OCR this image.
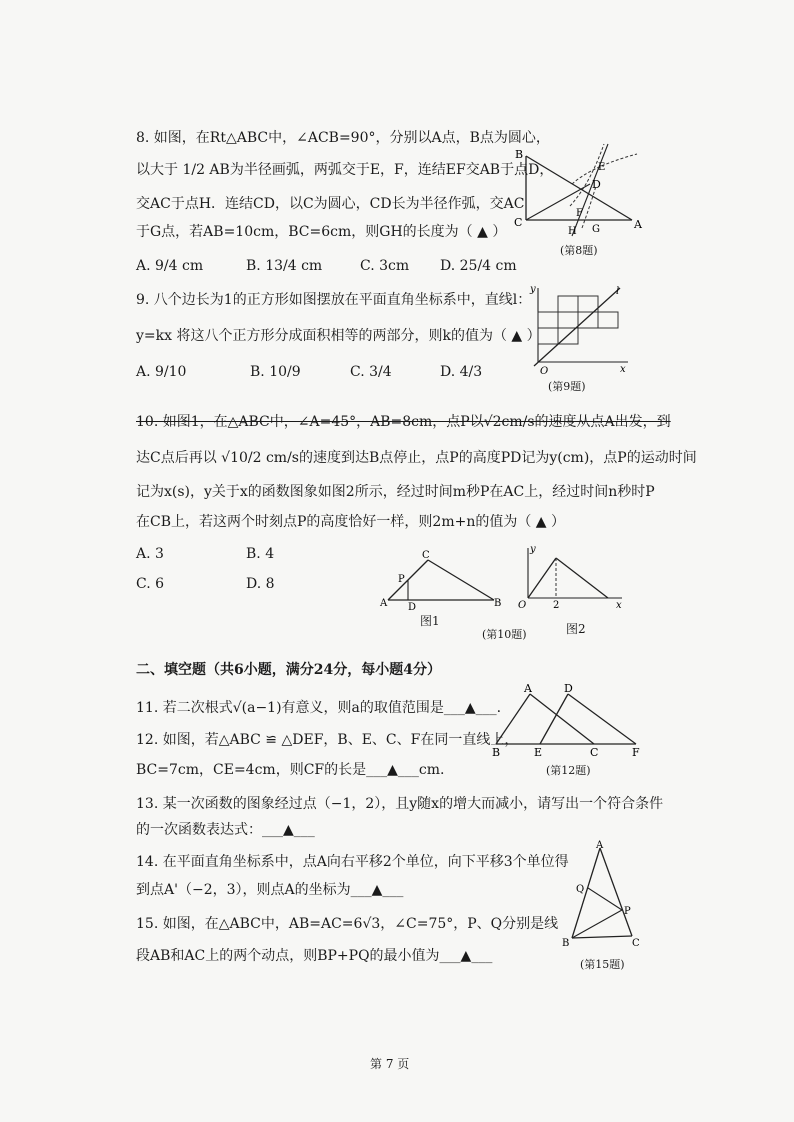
8. 如图，在Rt△ABC中，∠ACB=90°，分别以A点，B点为圆心，
以大于 1/2 AB为半径画弧，两弧交于E，F，连结EF交AB于点D，
交AC于点H．连结CD，以C为圆心，CD长为半径作弧，交AC
于G点，若AB=10cm，BC=6cm，则GH的长度为（ ▲ ）
A. 9/4 cm	B. 13/4 cm	C. 3cm D. 25/4 cm
B
C	A
D
E
F
H G
(第8题)
9. 八个边长为1的正方形如图摆放在平面直角坐标系中，直线l：
y=kx 将这八个正方形分成面积相等的两部分，则k的值为（ ▲ ）
A. 9/10	B. 10/9	C. 3/4	D. 4/3
y	l
O	x
(第9题)
10. 如图1，在△ABC中，∠A=45°，AB=8cm，点P以√2cm/s的速度从点A出发，到
达C点后再以 √10/2 cm/s的速度到达B点停止，点P的高度PD记为y(cm)，点P的运动时间
记为x(s)，y关于x的函数图象如图2所示，经过时间m秒P在AC上，经过时间n秒时P
在CB上，若这两个时刻点P的高度恰好一样，则2m+n的值为（ ▲ ）
A. 3	B. 4
C. 6	D. 8
C
P
A D	B
图1
y
O	2	x
图2
(第10题)
二、填空题（共6小题，满分24分，每小题4分）
11. 若二次根式√(a−1)有意义，则a的取值范围是___▲___.
12. 如图，若△ABC ≌ △DEF，B、E、C、F在同一直线上，
BC=7cm，CE=4cm，则CF的长是___▲___cm.
A	D
B	E	C	F
(第12题)
13. 某一次函数的图象经过点（−1，2），且y随x的增大而减小，请写出一个符合条件
的一次函数表达式：___▲___
14. 在平面直角坐标系中，点A向右平移2个单位，向下平移3个单位得
到点A'（−2，3），则点A的坐标为___▲___
15. 如图，在△ABC中，AB=AC=6√3，∠C=75°，P、Q分别是线
段AB和AC上的两个动点，则BP+PQ的最小值为___▲___
A
Q
P
B	C
(第15题)
第 7 页
